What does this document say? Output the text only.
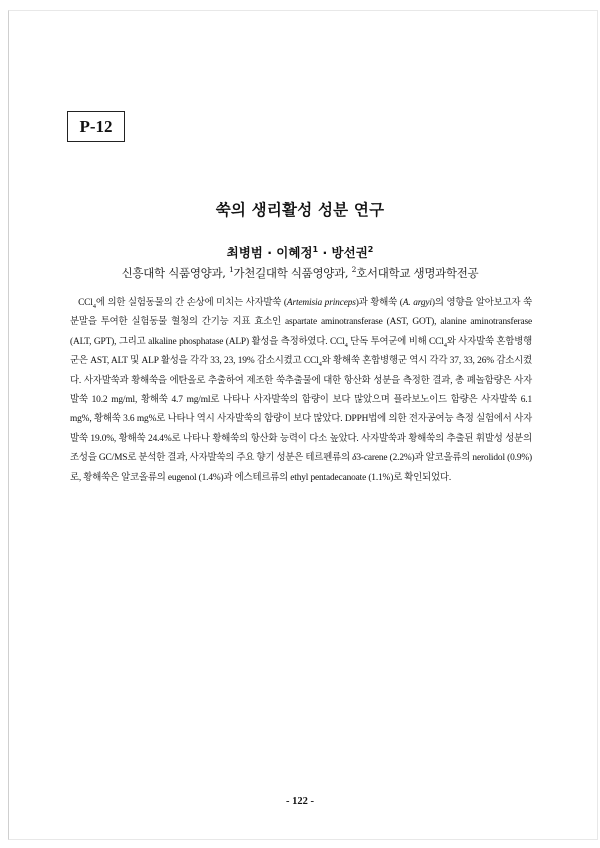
P-12
쑥의 생리활성 성분 연구
최병범 · 이혜정$^1$ · 방선권$^2$
신흥대학 식품영양과, $^1$가천길대학 식품영양과, $^2$호서대학교 생명과학전공
CCl$_4$에 의한 실험동물의 간 손상에 미치는 사자발쑥 (Artemisia princeps)과 황해쑥 (A. argyi)의 영향을 알아보고자 쑥분말을 투여한 실험동물 혈청의 간기능 지표 효소인 aspartate aminotransferase (AST, GOT), alanine aminotransferase (ALT, GPT), 그리고 alkaline phosphatase (ALP) 활성을 측정하였다. CCl$_4$ 단독 투여군에 비해 CCl$_4$와 사자발쑥 혼합병행군은 AST, ALT 및 ALP 활성을 각각 33, 23, 19% 감소시켰고 CCl$_4$와 황해쑥 혼합병행군 역시 각각 37, 33, 26% 감소시켰다. 사자발쑥과 황해쑥을 에탄올로 추출하여 제조한 쑥추출물에 대한 항산화 성분을 측정한 결과, 총 폐놀함량은 사자발쑥 10.2 mg/ml, 황해쑥 4.7 mg/ml로 나타나 사자발쑥의 함량이 보다 많았으며 플라보노이드 함량은 사자발쑥 6.1 mg%, 황해쑥 3.6 mg%로 나타나 역시 사자발쑥의 함량이 보다 많았다. DPPH법에 의한 전자공여능 측정 실험에서 사자발쑥 19.0%, 황해쑥 24.4%로 나타나 황해쑥의 항산화 능력이 다소 높았다. 사자발쑥과 황해쑥의 추출된 휘발성 성분의 조성을 GC/MS로 분석한 결과, 사자발쑥의 주요 향기 성분은 테르펜류의 δ3-carene (2.2%)과 알코올류의 nerolidol (0.9%)로, 황해쑥은 알코올류의 eugenol (1.4%)과 에스테르류의 ethyl pentadecanoate (1.1%)로 확인되었다.
- 122 -
